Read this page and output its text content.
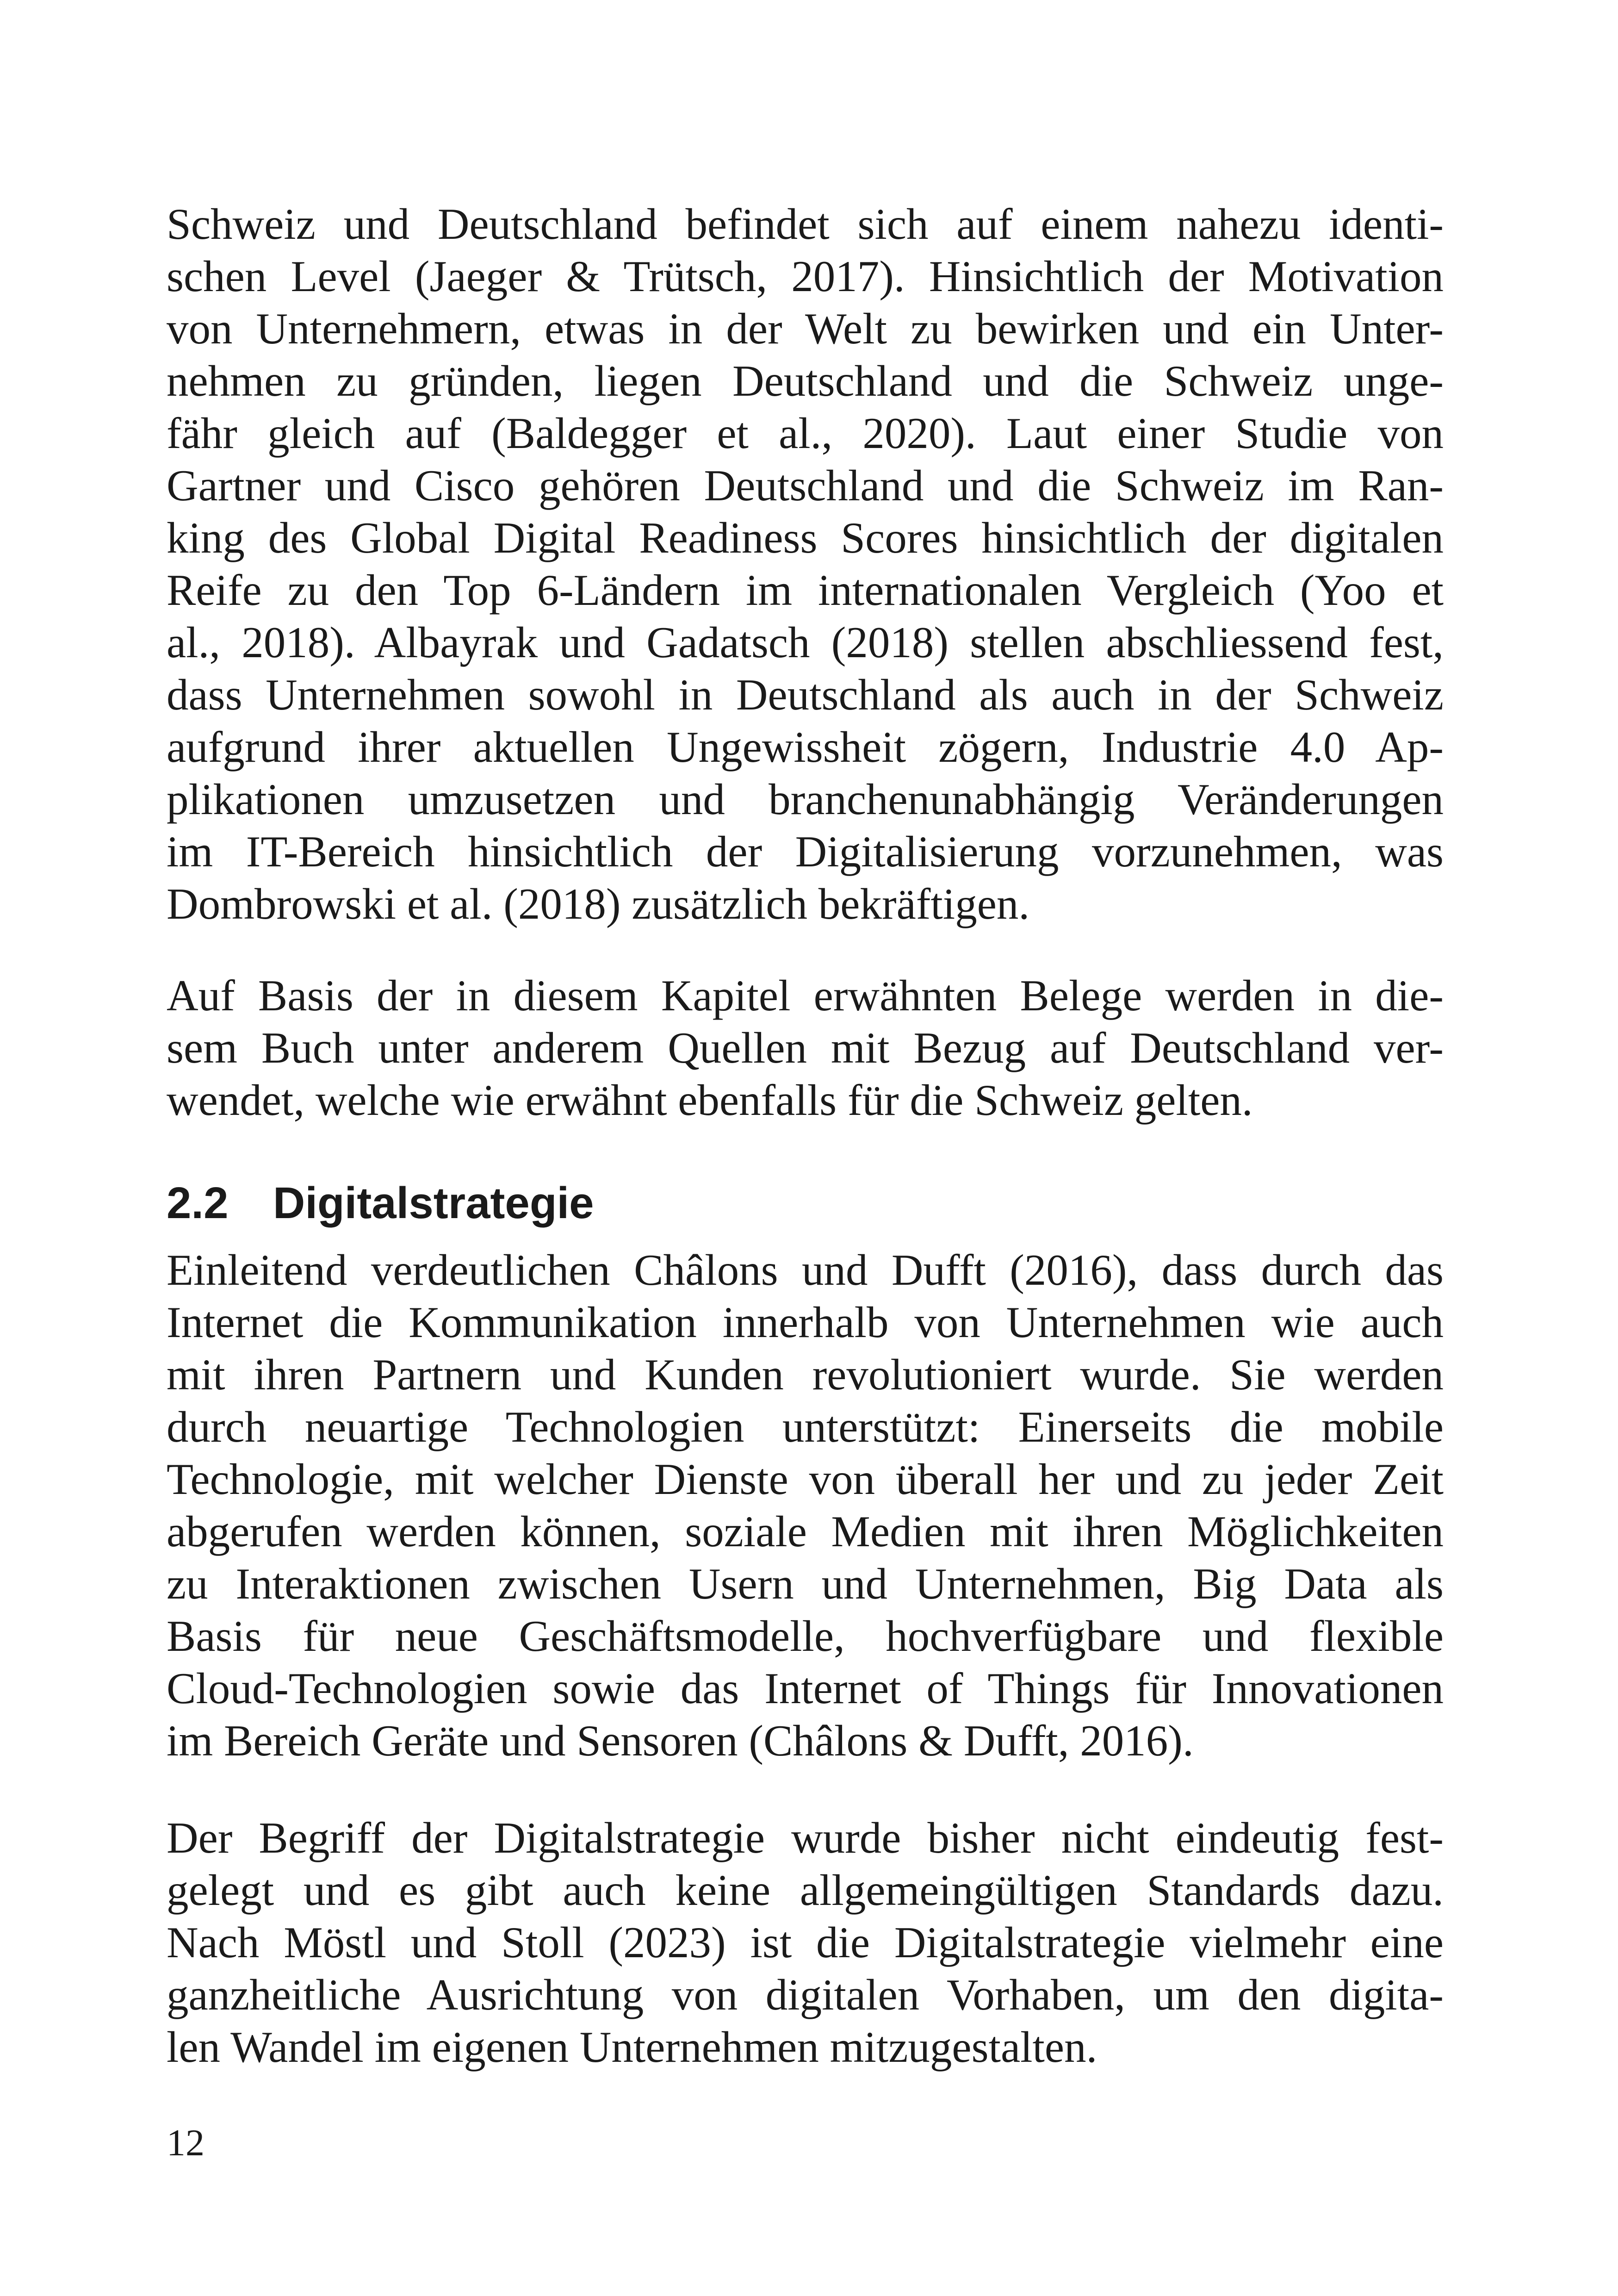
Schweiz und Deutschland befindet sich auf einem nahezu identi-
schen Level (Jaeger & Trütsch, 2017). Hinsichtlich der Motivation
von Unternehmern, etwas in der Welt zu bewirken und ein Unter-
nehmen zu gründen, liegen Deutschland und die Schweiz unge-
fähr gleich auf (Baldegger et al., 2020). Laut einer Studie von
Gartner und Cisco gehören Deutschland und die Schweiz im Ran-
king des Global Digital Readiness Scores hinsichtlich der digitalen
Reife zu den Top 6-Ländern im internationalen Vergleich (Yoo et
al., 2018). Albayrak und Gadatsch (2018) stellen abschliessend fest,
dass Unternehmen sowohl in Deutschland als auch in der Schweiz
aufgrund ihrer aktuellen Ungewissheit zögern, Industrie 4.0 Ap-
plikationen umzusetzen und branchenunabhängig Veränderungen
im IT-Bereich hinsichtlich der Digitalisierung vorzunehmen, was
Dombrowski et al. (2018) zusätzlich bekräftigen.
Auf Basis der in diesem Kapitel erwähnten Belege werden in die-
sem Buch unter anderem Quellen mit Bezug auf Deutschland ver-
wendet, welche wie erwähnt ebenfalls für die Schweiz gelten.
2.2 Digitalstrategie
Einleitend verdeutlichen Châlons und Dufft (2016), dass durch das
Internet die Kommunikation innerhalb von Unternehmen wie auch
mit ihren Partnern und Kunden revolutioniert wurde. Sie werden
durch neuartige Technologien unterstützt: Einerseits die mobile
Technologie, mit welcher Dienste von überall her und zu jeder Zeit
abgerufen werden können, soziale Medien mit ihren Möglichkeiten
zu Interaktionen zwischen Usern und Unternehmen, Big Data als
Basis für neue Geschäftsmodelle, hochverfügbare und flexible
Cloud-Technologien sowie das Internet of Things für Innovationen
im Bereich Geräte und Sensoren (Châlons & Dufft, 2016).
Der Begriff der Digitalstrategie wurde bisher nicht eindeutig fest-
gelegt und es gibt auch keine allgemeingültigen Standards dazu.
Nach Möstl und Stoll (2023) ist die Digitalstrategie vielmehr eine
ganzheitliche Ausrichtung von digitalen Vorhaben, um den digita-
len Wandel im eigenen Unternehmen mitzugestalten.
12
